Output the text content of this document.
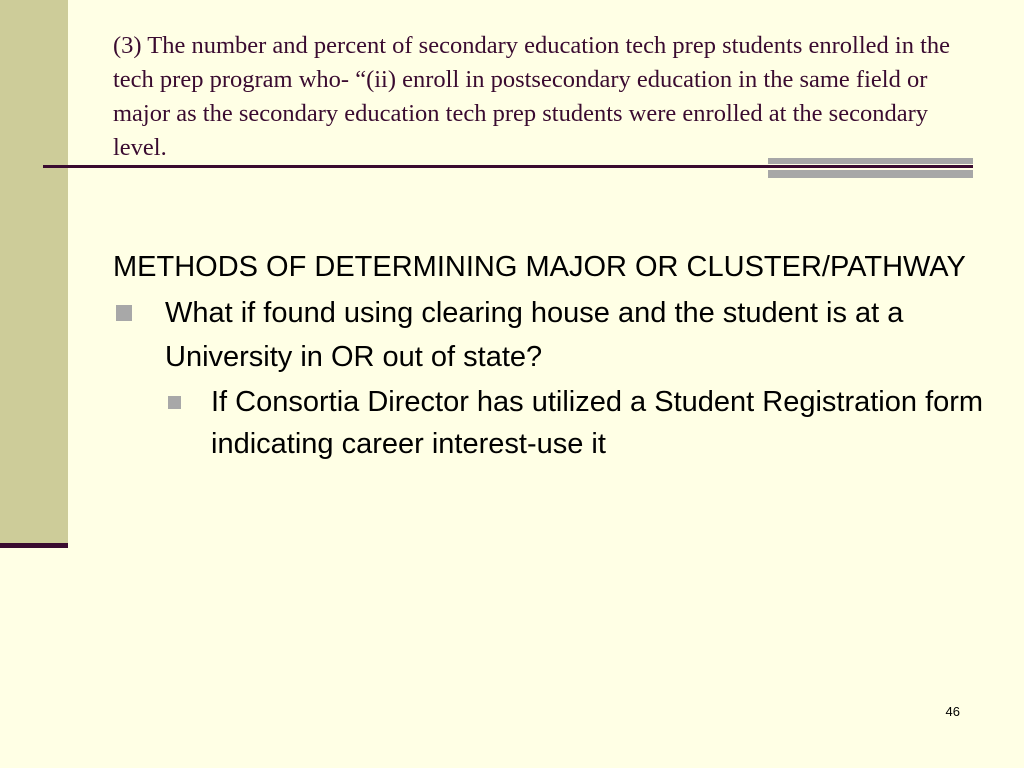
(3) The number and percent of secondary education tech prep students enrolled in the tech prep program who- “(ii) enroll in postsecondary education in the same field or major as the secondary education tech prep students were enrolled at the secondary level.

METHODS OF DETERMINING MAJOR OR CLUSTER/PATHWAY

What if found using clearing house and the student is at a University in OR out of state?
If Consortia Director has utilized a Student Registration form indicating career interest-use it
46
